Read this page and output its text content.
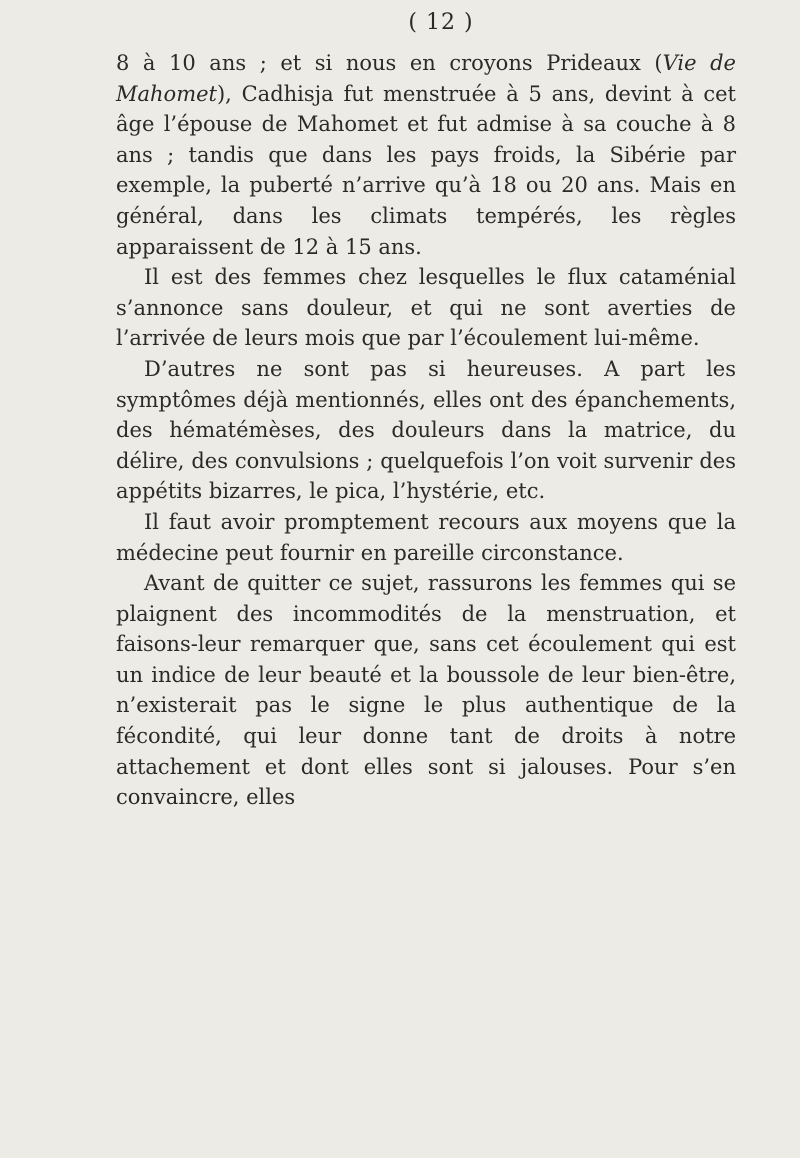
( 12 )

8 à 10 ans ; et si nous en croyons Prideaux (Vie de Mahomet), Cadhisja fut menstruée à 5 ans, devint à cet âge l’épouse de Mahomet et fut admise à sa couche à 8 ans ; tandis que dans les pays froids, la Sibérie par exemple, la puberté n’arrive qu’à 18 ou 20 ans. Mais en général, dans les climats tempérés, les règles apparaissent de 12 à 15 ans.

Il est des femmes chez lesquelles le flux cataménial s’annonce sans douleur, et qui ne sont averties de l’arrivée de leurs mois que par l’écoulement lui-même.

D’autres ne sont pas si heureuses. A part les symptômes déjà mentionnés, elles ont des épanchements, des hématémèses, des douleurs dans la matrice, du délire, des convulsions ; quelquefois l’on voit survenir des appétits bizarres, le pica, l’hystérie, etc.

Il faut avoir promptement recours aux moyens que la médecine peut fournir en pareille circonstance.

Avant de quitter ce sujet, rassurons les femmes qui se plaignent des incommodités de la menstruation, et faisons-leur remarquer que, sans cet écoulement qui est un indice de leur beauté et la boussole de leur bien-être, n’existerait pas le signe le plus authentique de la fécondité, qui leur donne tant de droits à notre attachement et dont elles sont si jalouses. Pour s’en convaincre, elles
